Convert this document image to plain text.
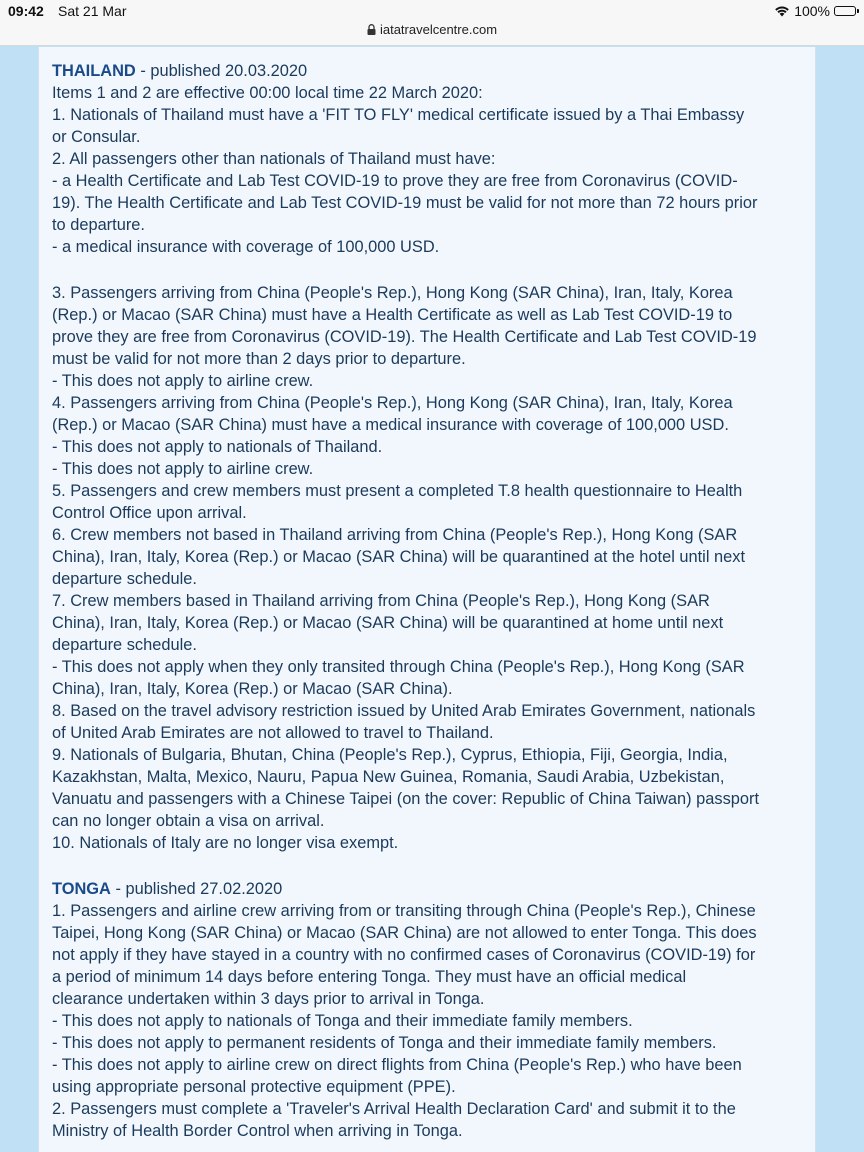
09:42 Sat 21 Mar	100%
iatatravelcentre.com
THAILAND - published 20.03.2020
Items 1 and 2 are effective 00:00 local time 22 March 2020:
1. Nationals of Thailand must have a 'FIT TO FLY' medical certificate issued by a Thai Embassy
or Consular.
2. All passengers other than nationals of Thailand must have:
- a Health Certificate and Lab Test COVID-19 to prove they are free from Coronavirus (COVID-
19). The Health Certificate and Lab Test COVID-19 must be valid for not more than 72 hours prior
to departure.
- a medical insurance with coverage of 100,000 USD.
3. Passengers arriving from China (People's Rep.), Hong Kong (SAR China), Iran, Italy, Korea
(Rep.) or Macao (SAR China) must have a Health Certificate as well as Lab Test COVID-19 to
prove they are free from Coronavirus (COVID-19). The Health Certificate and Lab Test COVID-19
must be valid for not more than 2 days prior to departure.
- This does not apply to airline crew.
4. Passengers arriving from China (People's Rep.), Hong Kong (SAR China), Iran, Italy, Korea
(Rep.) or Macao (SAR China) must have a medical insurance with coverage of 100,000 USD.
- This does not apply to nationals of Thailand.
- This does not apply to airline crew.
5. Passengers and crew members must present a completed T.8 health questionnaire to Health
Control Office upon arrival.
6. Crew members not based in Thailand arriving from China (People's Rep.), Hong Kong (SAR
China), Iran, Italy, Korea (Rep.) or Macao (SAR China) will be quarantined at the hotel until next
departure schedule.
7. Crew members based in Thailand arriving from China (People's Rep.), Hong Kong (SAR
China), Iran, Italy, Korea (Rep.) or Macao (SAR China) will be quarantined at home until next
departure schedule.
- This does not apply when they only transited through China (People's Rep.), Hong Kong (SAR
China), Iran, Italy, Korea (Rep.) or Macao (SAR China).
8. Based on the travel advisory restriction issued by United Arab Emirates Government, nationals
of United Arab Emirates are not allowed to travel to Thailand.
9. Nationals of Bulgaria, Bhutan, China (People's Rep.), Cyprus, Ethiopia, Fiji, Georgia, India,
Kazakhstan, Malta, Mexico, Nauru, Papua New Guinea, Romania, Saudi Arabia, Uzbekistan,
Vanuatu and passengers with a Chinese Taipei (on the cover: Republic of China Taiwan) passport
can no longer obtain a visa on arrival.
10. Nationals of Italy are no longer visa exempt.
TONGA - published 27.02.2020
1. Passengers and airline crew arriving from or transiting through China (People's Rep.), Chinese
Taipei, Hong Kong (SAR China) or Macao (SAR China) are not allowed to enter Tonga. This does
not apply if they have stayed in a country with no confirmed cases of Coronavirus (COVID-19) for
a period of minimum 14 days before entering Tonga. They must have an official medical
clearance undertaken within 3 days prior to arrival in Tonga.
- This does not apply to nationals of Tonga and their immediate family members.
- This does not apply to permanent residents of Tonga and their immediate family members.
- This does not apply to airline crew on direct flights from China (People's Rep.) who have been
using appropriate personal protective equipment (PPE).
2. Passengers must complete a 'Traveler's Arrival Health Declaration Card' and submit it to the
Ministry of Health Border Control when arriving in Tonga.
